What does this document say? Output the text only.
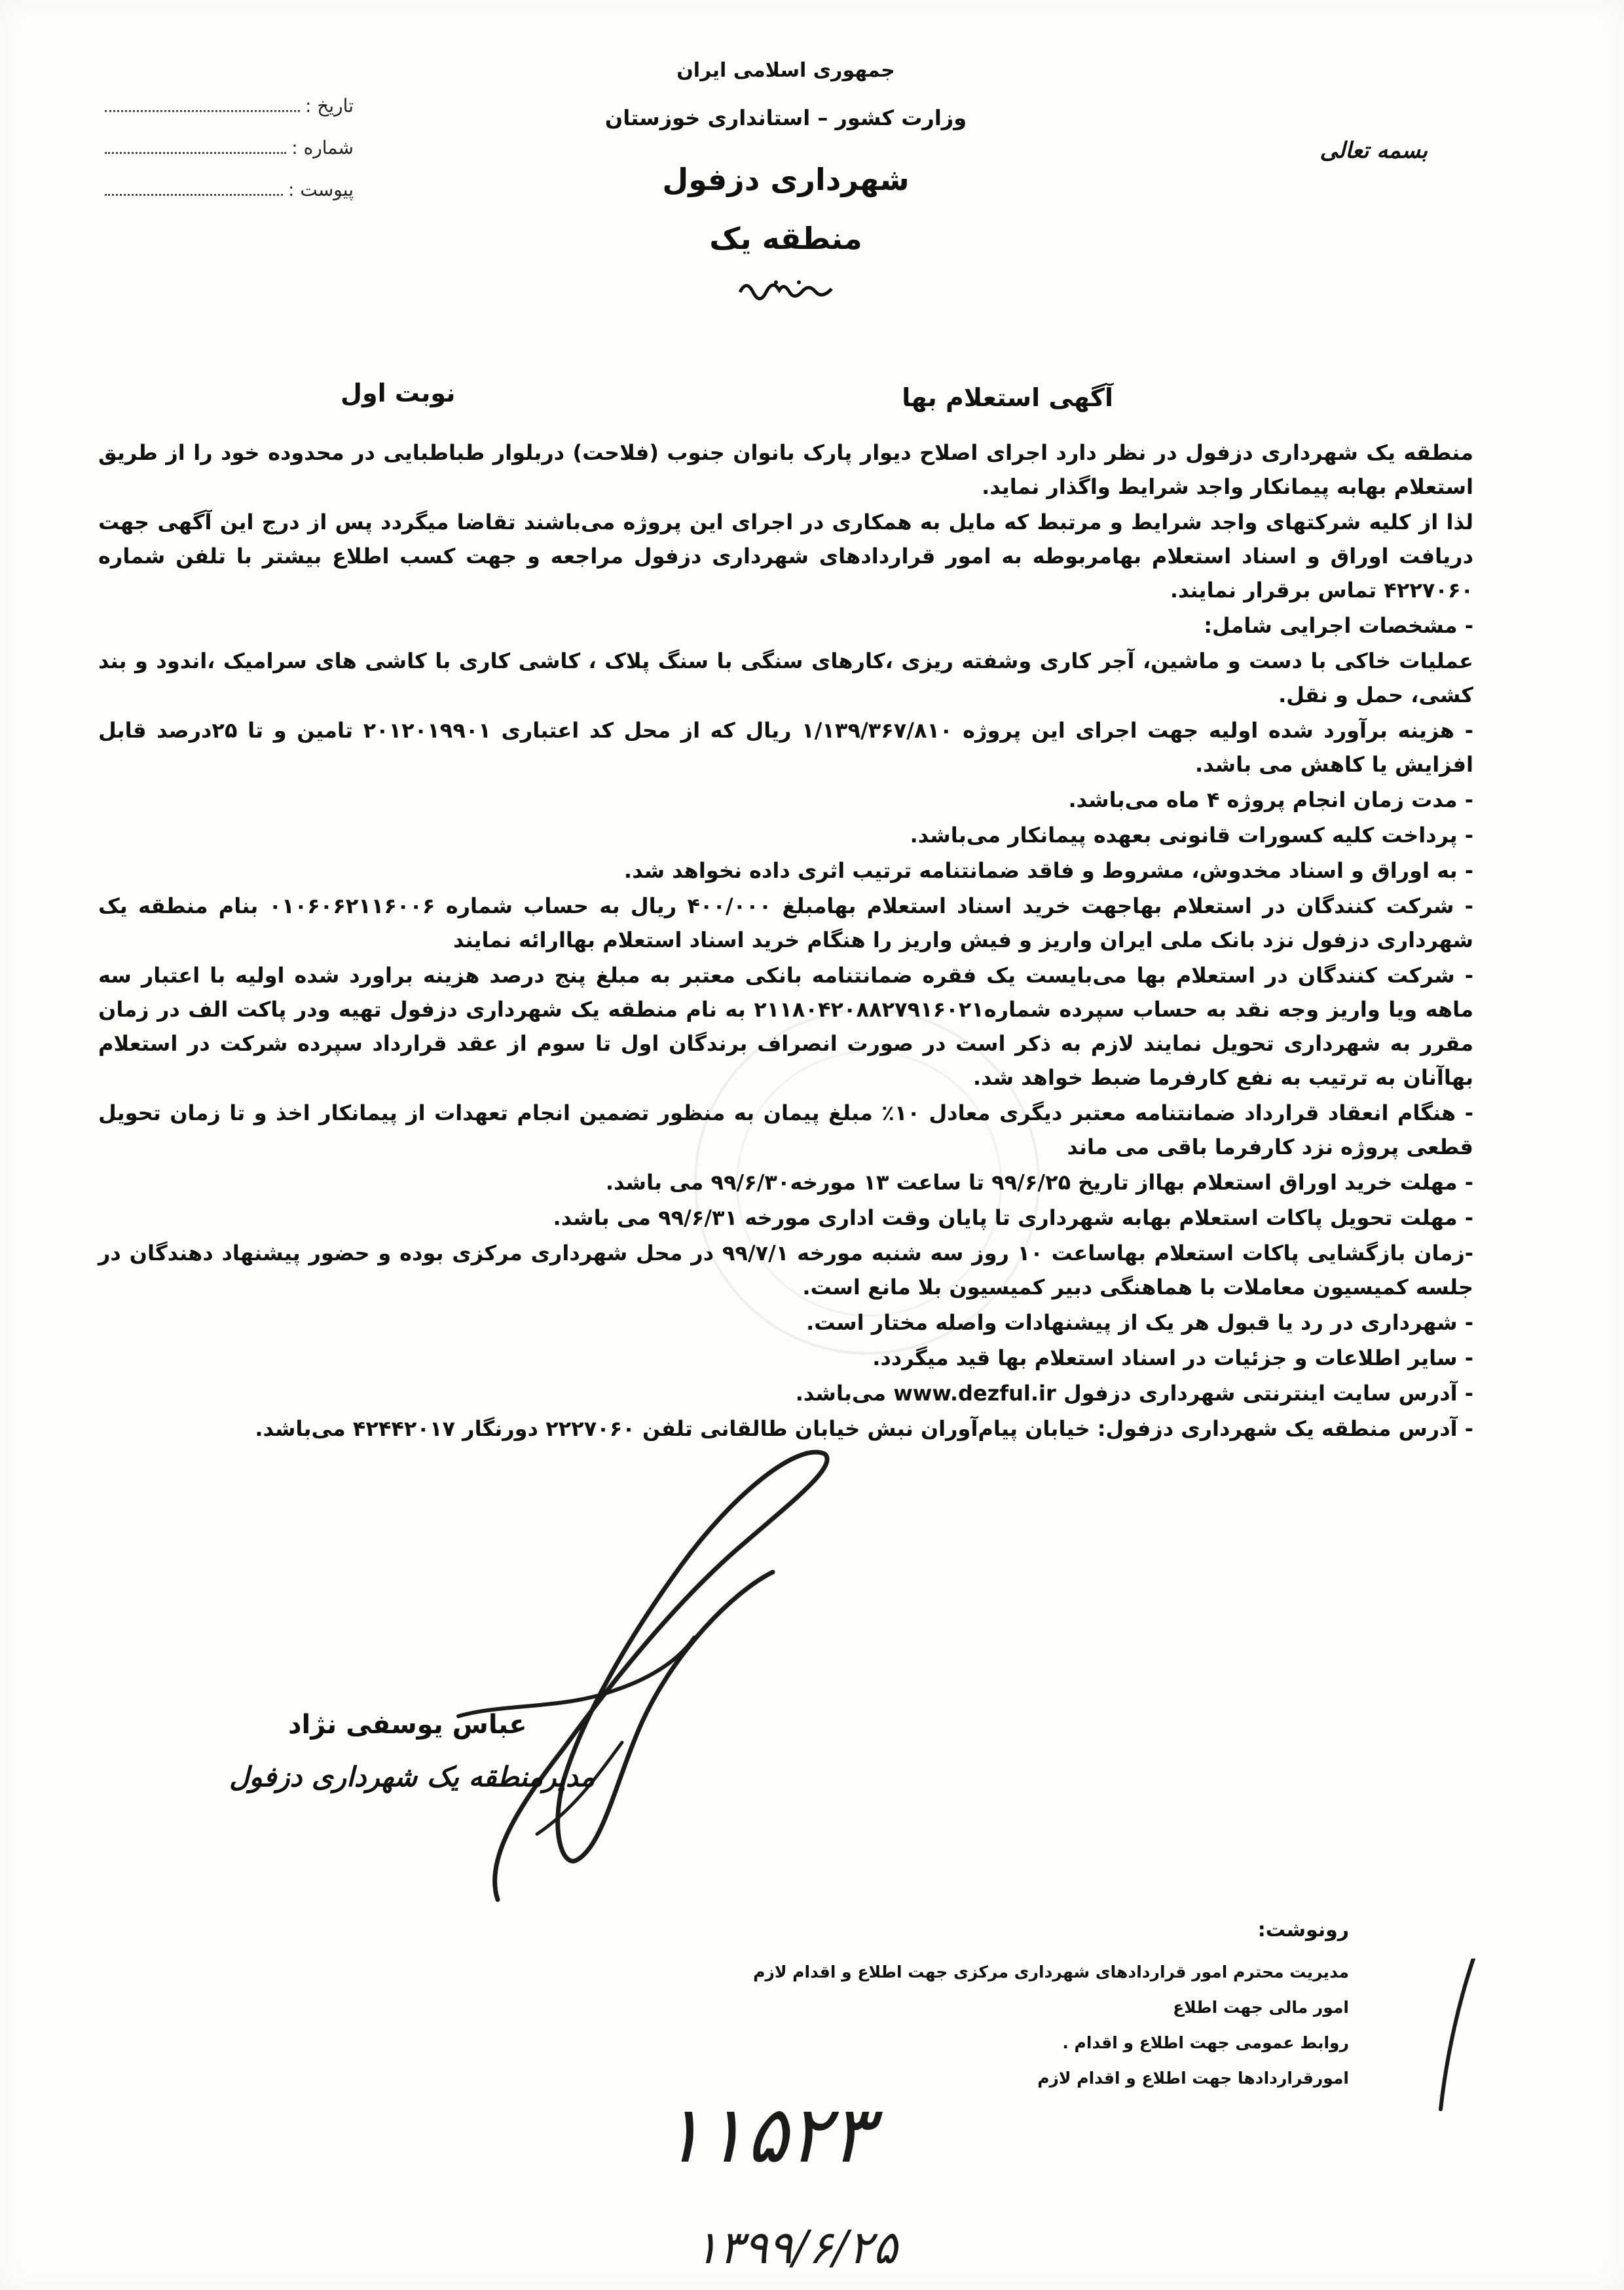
تاریخ :
شماره :
پیوست :
جمهوری اسلامی ایران
وزارت کشور – استانداری خوزستان
شهرداری دزفول
منطقه یک
بسمه تعالی
آگهی استعلام بها
نوبت اول

منطقه یک شهرداری دزفول در نظر دارد اجرای اصلاح دیوار پارک بانوان جنوب (فلاحت) دربلوار طباطبایی در محدوده خود را از طریق استعلام بهابه پیمانکار واجد شرایط واگذار نماید.

لذا از کلیه شرکتهای واجد شرایط و مرتبط که مایل به همکاری در اجرای این پروژه می‌باشند تقاضا میگردد پس از درج این آگهی جهت دریافت اوراق و اسناد استعلام بهامربوطه به امور قراردادهای شهرداری دزفول مراجعه و جهت کسب اطلاع بیشتر با تلفن شماره ۴۲۲۷۰۶۰ تماس برقرار نمایند.

- مشخصات اجرایی شامل:

عملیات خاکی با دست و ماشین، آجر کاری وشفته ریزی ،کارهای سنگی با سنگ پلاک ، کاشی کاری با کاشی های سرامیک ،اندود و بند کشی، حمل و نقل.

- هزینه برآورد شده اولیه جهت اجرای این پروژه ۱/۱۳۹/۳۶۷/۸۱۰ ریال که از محل کد اعتباری ۲۰۱۲۰۱۹۹۰۱ تامین و تا ۲۵درصد قابل افزایش یا کاهش می باشد.

- مدت زمان انجام پروژه ۴ ماه می‌باشد.

- پرداخت کلیه کسورات قانونی بعهده پیمانکار می‌باشد.

- به اوراق و اسناد مخدوش، مشروط و فاقد ضمانتنامه ترتیب اثری داده نخواهد شد.

- شرکت کنندگان در استعلام بهاجهت خرید اسناد استعلام بهامبلغ ۴۰۰/۰۰۰ ریال به حساب شماره ۰۱۰۶۰۶۲۱۱۶۰۰۶ بنام منطقه یک شهرداری دزفول نزد بانک ملی ایران واریز و فیش واریز را هنگام خرید اسناد استعلام بهاارائه نمایند

- شرکت کنندگان در استعلام بها می‌بایست یک فقره ضمانتنامه بانکی معتبر به مبلغ پنج درصد هزینه براورد شده اولیه با اعتبار سه ماهه ویا واریز وجه نقد به حساب سپرده شماره۲۱۱۸۰۴۲۰۸۸۲۷۹۱۶۰۲۱ به نام منطقه یک شهرداری دزفول تهیه ودر پاکت الف در زمان مقرر به شهرداری تحویل نمایند لازم به ذکر است در صورت انصراف برندگان اول تا سوم از عقد قرارداد سپرده شرکت در استعلام بهاآنان به ترتیب به نفع کارفرما ضبط خواهد شد.

- هنگام انعقاد قرارداد ضمانتنامه معتبر دیگری معادل ۱۰٪ مبلغ پیمان به منظور تضمین انجام تعهدات از پیمانکار اخذ و تا زمان تحویل قطعی پروژه نزد کارفرما باقی می ماند

- مهلت خرید اوراق استعلام بهااز تاریخ ۹۹/۶/۲۵ تا ساعت ۱۳ مورخه۹۹/۶/۳۰ می باشد.

- مهلت تحویل پاکات استعلام بهابه شهرداری تا پایان وقت اداری مورخه ۹۹/۶/۳۱ می باشد.

-زمان بازگشایی پاکات استعلام بهاساعت ۱۰ روز سه شنبه مورخه ۹۹/۷/۱ در محل شهرداری مرکزی بوده و حضور پیشنهاد دهندگان در جلسه کمیسیون معاملات با هماهنگی دبیر کمیسیون بلا مانع است.

- شهرداری در رد یا قبول هر یک از پیشنهادات واصله مختار است.

- سایر اطلاعات و جزئیات در اسناد استعلام بها قید میگردد.

- آدرس سایت اینترنتی شهرداری دزفول www.dezful.ir می‌باشد.

- آدرس منطقه یک شهرداری دزفول: خیابان پیام‌آوران نبش خیابان طالقانی تلفن ۲۲۲۷۰۶۰ دورنگار ۴۲۴۴۲۰۱۷ می‌باشد.

عباس یوسفی نژاد
مدیرمنطقه یک شهرداری دزفول
رونوشت:
مدیریت محترم امور قراردادهای شهرداری مرکزی جهت اطلاع و اقدام لازم
امور مالی جهت اطلاع
روابط عمومی جهت اطلاع و اقدام .
امورقراردادها جهت اطلاع و اقدام لازم
۱۱۵۲۳
۱۳۹۹/۶/۲۵
